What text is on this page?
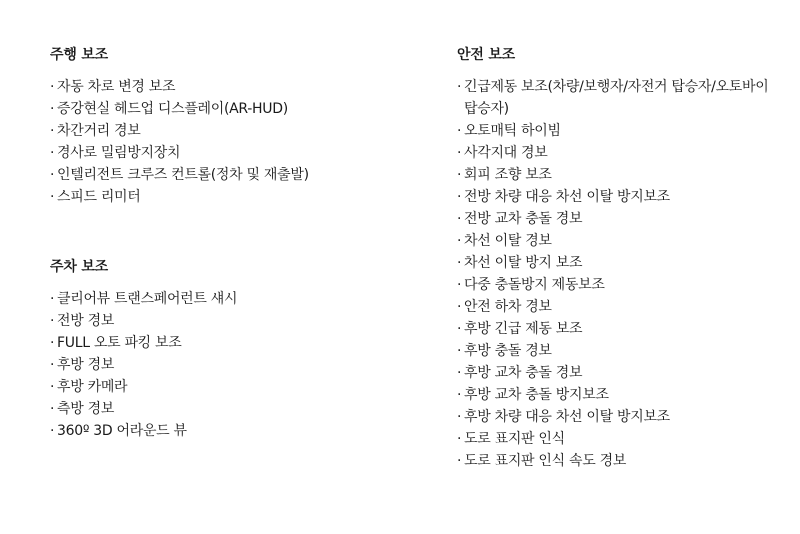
주행 보조
· 자동 차로 변경 보조
· 증강현실 헤드업 디스플레이(AR-HUD)
· 차간거리 경보
· 경사로 밀림방지장치
· 인텔리전트 크루즈 컨트롤(정차 및 재출발)
· 스피드 리미터
주차 보조
· 클리어뷰 트랜스페어런트 섀시
· 전방 경보
· FULL 오토 파킹 보조
· 후방 경보
· 후방 카메라
· 측방 경보
· 360º 3D 어라운드 뷰
안전 보조
· 긴급제동 보조(차량/보행자/자전거 탑승자/오토바이 탑승자)
· 오토매틱 하이빔
· 사각지대 경보
· 회피 조향 보조
· 전방 차량 대응 차선 이탈 방지보조
· 전방 교차 충돌 경보
· 차선 이탈 경보
· 차선 이탈 방지 보조
· 다중 충돌방지 제동보조
· 안전 하차 경보
· 후방 긴급 제동 보조
· 후방 충돌 경보
· 후방 교차 충돌 경보
· 후방 교차 충돌 방지보조
· 후방 차량 대응 차선 이탈 방지보조
· 도로 표지판 인식
· 도로 표지판 인식 속도 경보
